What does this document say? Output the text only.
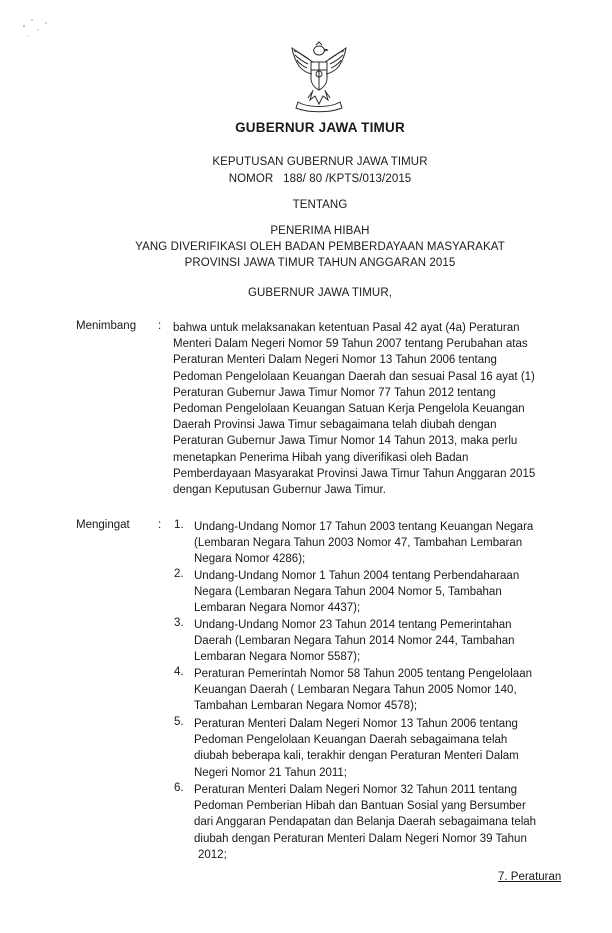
GUBERNUR JAWA TIMUR
KEPUTUSAN GUBERNUR JAWA TIMUR
NOMOR   188/ 80 /KPTS/013/2015
TENTANG
PENERIMA HIBAH
YANG DIVERIFIKASI OLEH BADAN PEMBERDAYAAN MASYARAKAT
PROVINSI JAWA TIMUR TAHUN ANGGARAN 2015
GUBERNUR JAWA TIMUR,
Menimbang : bahwa untuk melaksanakan ketentuan Pasal 42 ayat (4a) Peraturan
Menteri Dalam Negeri Nomor 59 Tahun 2007 tentang Perubahan atas
Peraturan Menteri Dalam Negeri Nomor 13 Tahun 2006 tentang
Pedoman Pengelolaan Keuangan Daerah dan sesuai Pasal 16 ayat (1)
Peraturan Gubernur Jawa Timur Nomor 77 Tahun 2012 tentang
Pedoman Pengelolaan Keuangan Satuan Kerja Pengelola Keuangan
Daerah Provinsi Jawa Timur sebagaimana telah diubah dengan
Peraturan Gubernur Jawa Timur Nomor 14 Tahun 2013, maka perlu
menetapkan Penerima Hibah yang diverifikasi oleh Badan
Pemberdayaan Masyarakat Provinsi Jawa Timur Tahun Anggaran 2015
dengan Keputusan Gubernur Jawa Timur.
Mengingat : 1. Undang-Undang Nomor 17 Tahun 2003 tentang Keuangan Negara
(Lembaran Negara Tahun 2003 Nomor 47, Tambahan Lembaran
Negara Nomor 4286);
2. Undang-Undang Nomor 1 Tahun 2004 tentang Perbendaharaan
Negara (Lembaran Negara Tahun 2004 Nomor 5, Tambahan
Lembaran Negara Nomor 4437);
3. Undang-Undang Nomor 23 Tahun 2014 tentang Pemerintahan
Daerah (Lembaran Negara Tahun 2014 Nomor 244, Tambahan
Lembaran Negara Nomor 5587);
4. Peraturan Pemerintah Nomor 58 Tahun 2005 tentang Pengelolaan
Keuangan Daerah ( Lembaran Negara Tahun 2005 Nomor 140,
Tambahan Lembaran Negara Nomor 4578);
5. Peraturan Menteri Dalam Negeri Nomor 13 Tahun 2006 tentang
Pedoman Pengelolaan Keuangan Daerah sebagaimana telah
diubah beberapa kali, terakhir dengan Peraturan Menteri Dalam
Negeri Nomor 21 Tahun 2011;
6. Peraturan Menteri Dalam Negeri Nomor 32 Tahun 2011 tentang
Pedoman Pemberian Hibah dan Bantuan Sosial yang Bersumber
dari Anggaran Pendapatan dan Belanja Daerah sebagaimana telah
diubah dengan Peraturan Menteri Dalam Negeri Nomor 39 Tahun
2012;
7. Peraturan
